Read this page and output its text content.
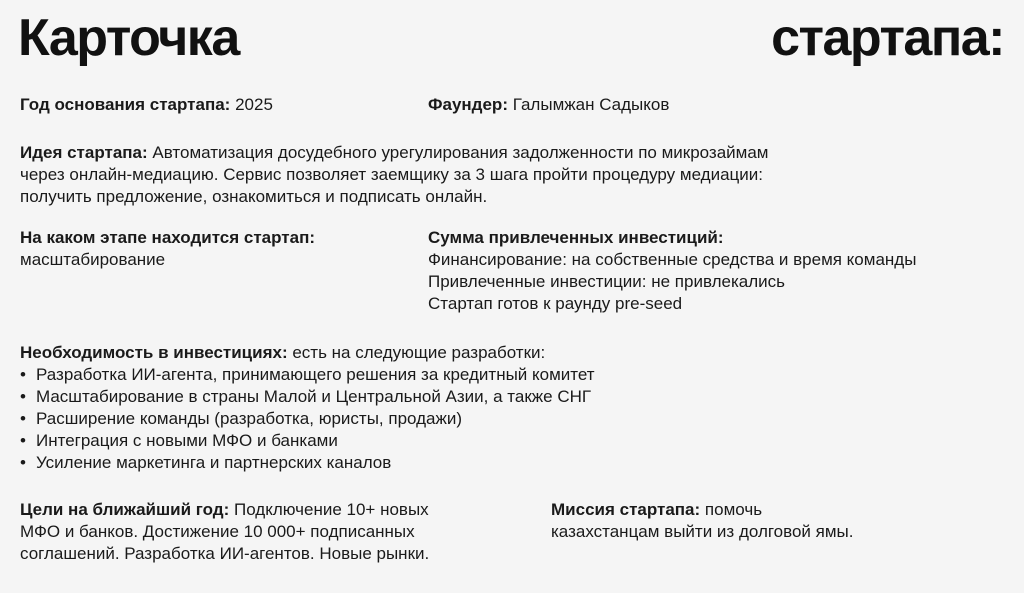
Карточка	стартапа:
Год основания стартапа: 2025	Фаундер: Галымжан Садыков
Идея стартапа: Автоматизация досудебного урегулирования задолженности по микрозаймам
через онлайн-медиацию. Сервис позволяет заемщику за 3 шага пройти процедуру медиации:
получить предложение, ознакомиться и подписать онлайн.
На каком этапе находится стартап:
масштабирование
Сумма привлеченных инвестиций:
Финансирование: на собственные средства и время команды
Привлеченные инвестиции: не привлекались
Стартап готов к раунду pre-seed
Необходимость в инвестициях: есть на следующие разработки:
• Разработка ИИ-агента, принимающего решения за кредитный комитет
• Масштабирование в страны Малой и Центральной Азии, а также СНГ
• Расширение команды (разработка, юристы, продажи)
• Интеграция с новыми МФО и банками
• Усиление маркетинга и партнерских каналов
Цели на ближайший год: Подключение 10+ новых
МФО и банков. Достижение 10 000+ подписанных
соглашений. Разработка ИИ-агентов. Новые рынки.
Миссия стартапа: помочь
казахстанцам выйти из долговой ямы.
